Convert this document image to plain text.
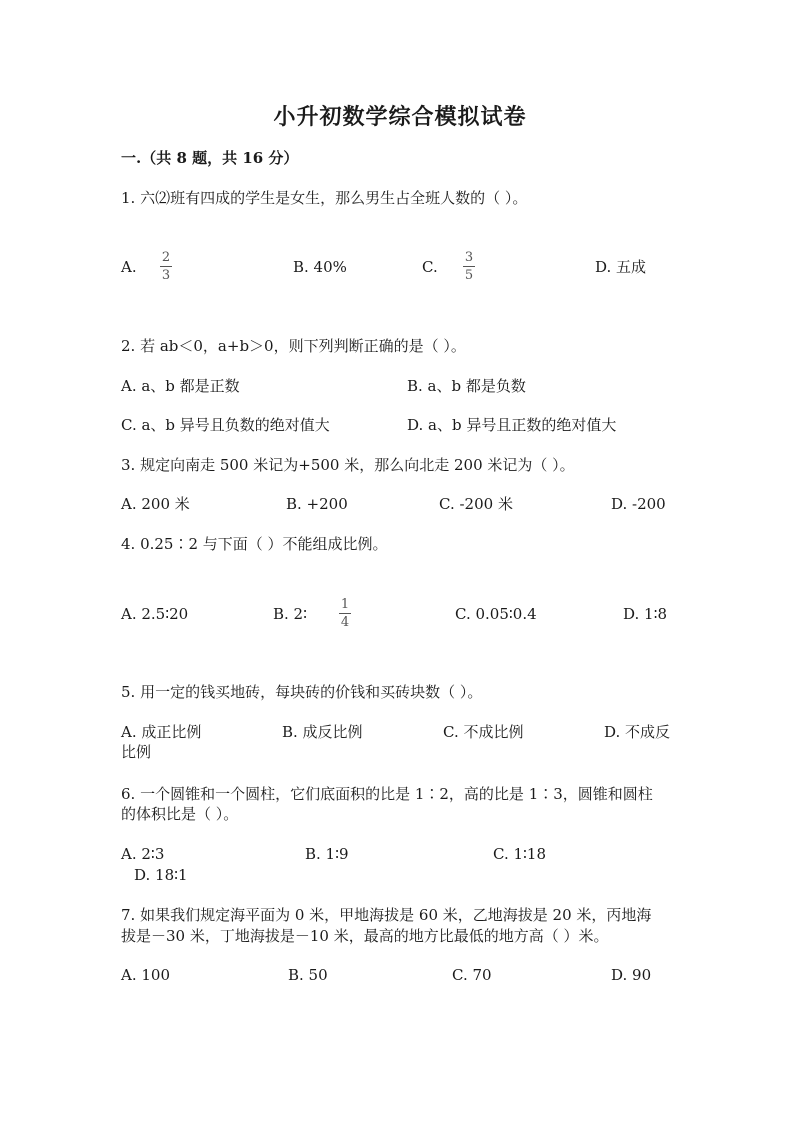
小升初数学综合模拟试卷
一.（共 8 题，共 16 分）
1. 六⑵班有四成的学生是女生，那么男生占全班人数的（ ）。
A.
2
3	B. 40%	C.
3
5	D. 五成
2. 若 ab＜0，a+b＞0，则下列判断正确的是（ ）。
A. a、b 都是正数	B. a、b 都是负数
C. a、b 异号且负数的绝对值大	D. a、b 异号且正数的绝对值大
3. 规定向南走 500 米记为+500 米，那么向北走 200 米记为（ ）。
A. 200 米	B. +200	C. -200 米	D. -200
4. 0.25∶2 与下面（ ）不能组成比例。
A. 2.5∶20	B. 2∶
1
4	C. 0.05∶0.4	D. 1∶8
5. 用一定的钱买地砖，每块砖的价钱和买砖块数（ ）。
A. 成正比例	B. 成反比例	C. 不成比例	D. 不成反
比例
6. 一个圆锥和一个圆柱，它们底面积的比是 1∶2，高的比是 1∶3，圆锥和圆柱
的体积比是（ ）。
A. 2∶3	B. 1∶9	C. 1∶18
D. 18∶1
7. 如果我们规定海平面为 0 米，甲地海拔是 60 米，乙地海拔是 20 米，丙地海
拔是－30 米，丁地海拔是－10 米，最高的地方比最低的地方高（ ）米。
A. 100	B. 50	C. 70	D. 90
